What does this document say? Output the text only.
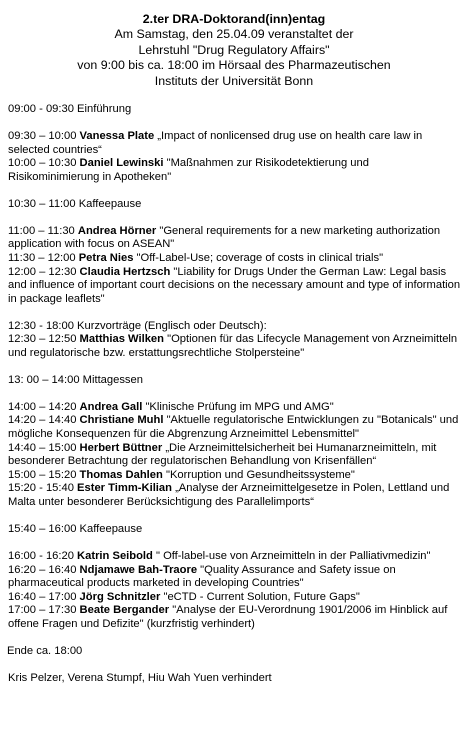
2.ter DRA-Doktorand(inn)entag
Am Samstag, den 25.04.09 veranstaltet der
Lehrstuhl "Drug Regulatory Affairs"
von 9:00 bis ca. 18:00 im Hörsaal des Pharmazeutischen
Instituts der Universität Bonn

09:00 - 09:30 Einführung

09:30 – 10:00 Vanessa Plate „Impact of nonlicensed drug use on health care law in selected countries“

10:00 – 10:30 Daniel Lewinski "Maßnahmen zur Risikodetektierung und Risikominimierung in Apotheken"

10:30 – 11:00 Kaffeepause

11:00 – 11:30 Andrea Hörner "General requirements for a new marketing authorization application with focus on ASEAN"

11:30 – 12:00 Petra Nies "Off-Label-Use; coverage of costs in clinical trials"

12:00 – 12:30 Claudia Hertzsch "Liability for Drugs Under the German Law: Legal basis and influence of important court decisions on the necessary amount and type of information in package leaflets"

12:30 - 18:00 Kurzvorträge (Englisch oder Deutsch):

12:30 – 12:50 Matthias Wilken "Optionen für das Lifecycle Management von Arzneimitteln und regulatorische bzw. erstattungsrechtliche Stolpersteine"

13: 00 – 14:00 Mittagessen

14:00 – 14:20 Andrea Gall "Klinische Prüfung im MPG und AMG"

14:20 – 14:40 Christiane Muhl "Aktuelle regulatorische Entwicklungen zu "Botanicals" und mögliche Konsequenzen für die Abgrenzung Arzneimittel Lebensmittel"

14:40 – 15:00 Herbert Büttner „Die Arzneimittelsicherheit bei Humanarzneimitteln, mit besonderer Betrachtung der regulatorischen Behandlung von Krisenfällen“

15:00 – 15:20 Thomas Dahlen "Korruption und Gesundheitssysteme"

15:20 - 15:40 Ester Timm-Kilian „Analyse der Arzneimittelgesetze in Polen, Lettland und Malta unter besonderer Berücksichtigung des Parallelimports“

15:40 – 16:00 Kaffeepause

16:00 - 16:20 Katrin Seibold " Off-label-use von Arzneimitteln in der Palliativmedizin"

16:20 – 16:40 Ndjamawe Bah-Traore "Quality Assurance and Safety issue on pharmaceutical products marketed in developing Countries"

16:40 – 17:00 Jörg Schnitzler "eCTD - Current Solution, Future Gaps"

17:00 – 17:30 Beate Bergander "Analyse der EU-Verordnung 1901/2006 im Hinblick auf offene Fragen und Defizite" (kurzfristig verhindert)

Ende ca. 18:00
Kris Pelzer, Verena Stumpf, Hiu Wah Yuen verhindert
